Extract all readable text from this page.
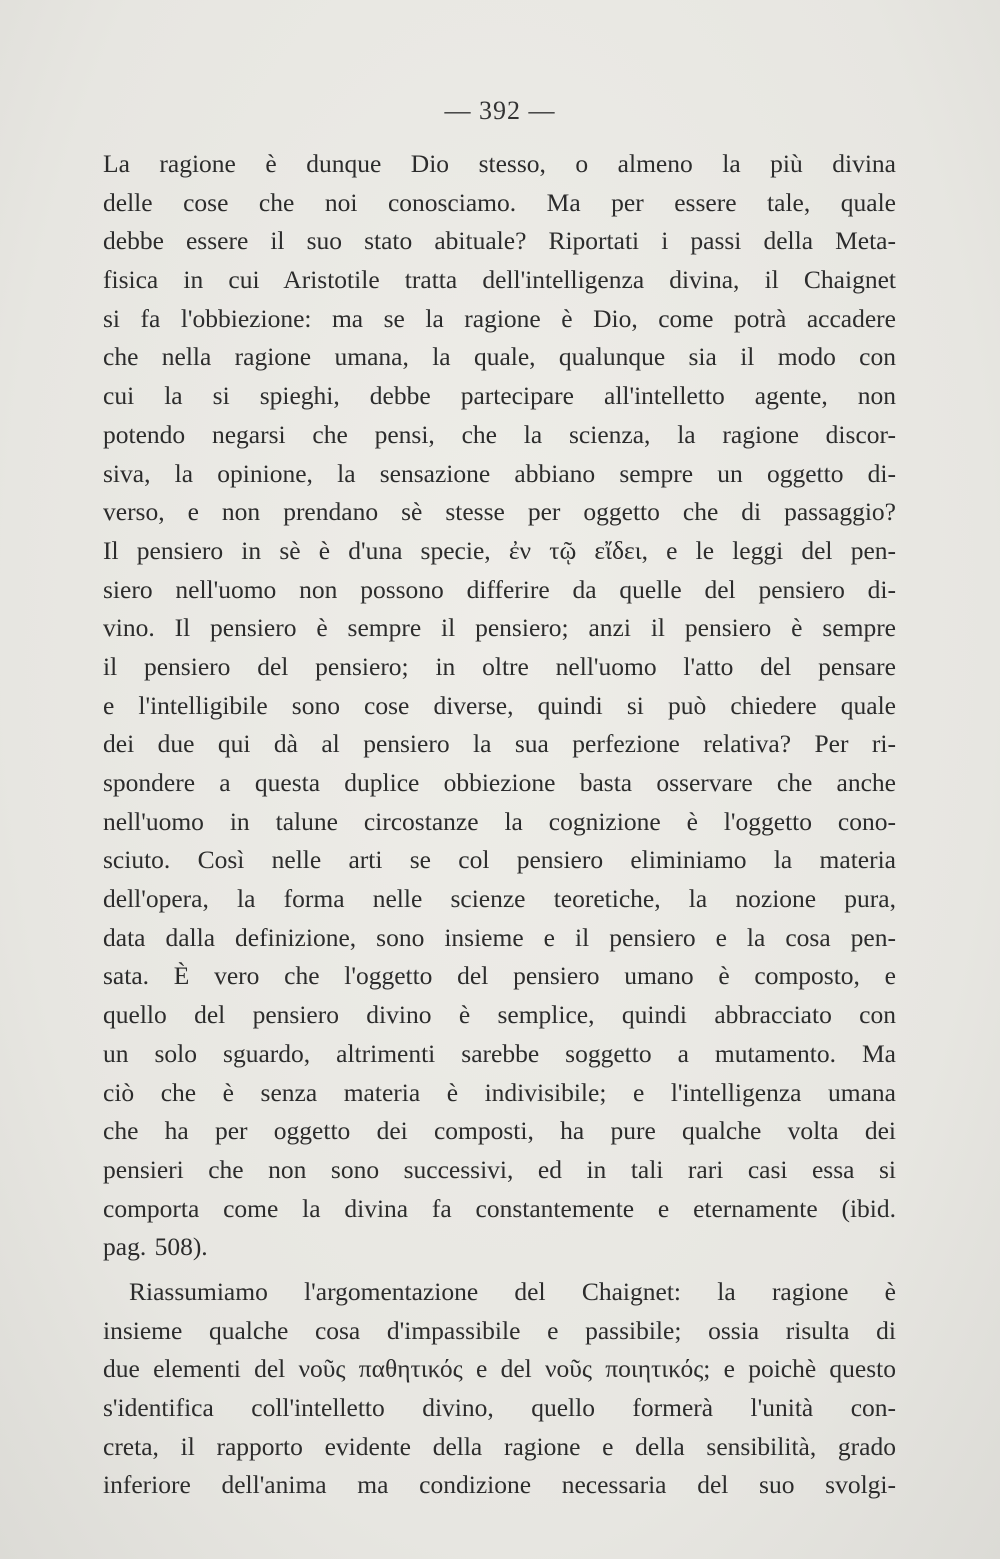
— 392 —
La ragione è dunque Dio stesso, o almeno la più divina
delle cose che noi conosciamo. Ma per essere tale, quale
debbe essere il suo stato abituale? Riportati i passi della Meta-
fisica in cui Aristotile tratta dell'intelligenza divina, il Chaignet
si fa l'obbiezione: ma se la ragione è Dio, come potrà accadere
che nella ragione umana, la quale, qualunque sia il modo con
cui la si spieghi, debbe partecipare all'intelletto agente, non
potendo negarsi che pensi, che la scienza, la ragione discor-
siva, la opinione, la sensazione abbiano sempre un oggetto di-
verso, e non prendano sè stesse per oggetto che di passaggio?
Il pensiero in sè è d'una specie, ἐν τῷ εἴδει, e le leggi del pen-
siero nell'uomo non possono differire da quelle del pensiero di-
vino. Il pensiero è sempre il pensiero; anzi il pensiero è sempre
il pensiero del pensiero; in oltre nell'uomo l'atto del pensare
e l'intelligibile sono cose diverse, quindi si può chiedere quale
dei due qui dà al pensiero la sua perfezione relativa? Per ri-
spondere a questa duplice obbiezione basta osservare che anche
nell'uomo in talune circostanze la cognizione è l'oggetto cono-
sciuto. Così nelle arti se col pensiero eliminiamo la materia
dell'opera, la forma nelle scienze teoretiche, la nozione pura,
data dalla definizione, sono insieme e il pensiero e la cosa pen-
sata. È vero che l'oggetto del pensiero umano è composto, e
quello del pensiero divino è semplice, quindi abbracciato con
un solo sguardo, altrimenti sarebbe soggetto a mutamento. Ma
ciò che è senza materia è indivisibile; e l'intelligenza umana
che ha per oggetto dei composti, ha pure qualche volta dei
pensieri che non sono successivi, ed in tali rari casi essa si
comporta come la divina fa constantemente e eternamente (ibid.
pag. 508).
Riassumiamo l'argomentazione del Chaignet: la ragione è
insieme qualche cosa d'impassibile e passibile; ossia risulta di
due elementi del νοῦς παθητικός e del νοῦς ποιητικός; e poichè questo
s'identifica coll'intelletto divino, quello formerà l'unità con-
creta, il rapporto evidente della ragione e della sensibilità, grado
inferiore dell'anima ma condizione necessaria del suo svolgi-
